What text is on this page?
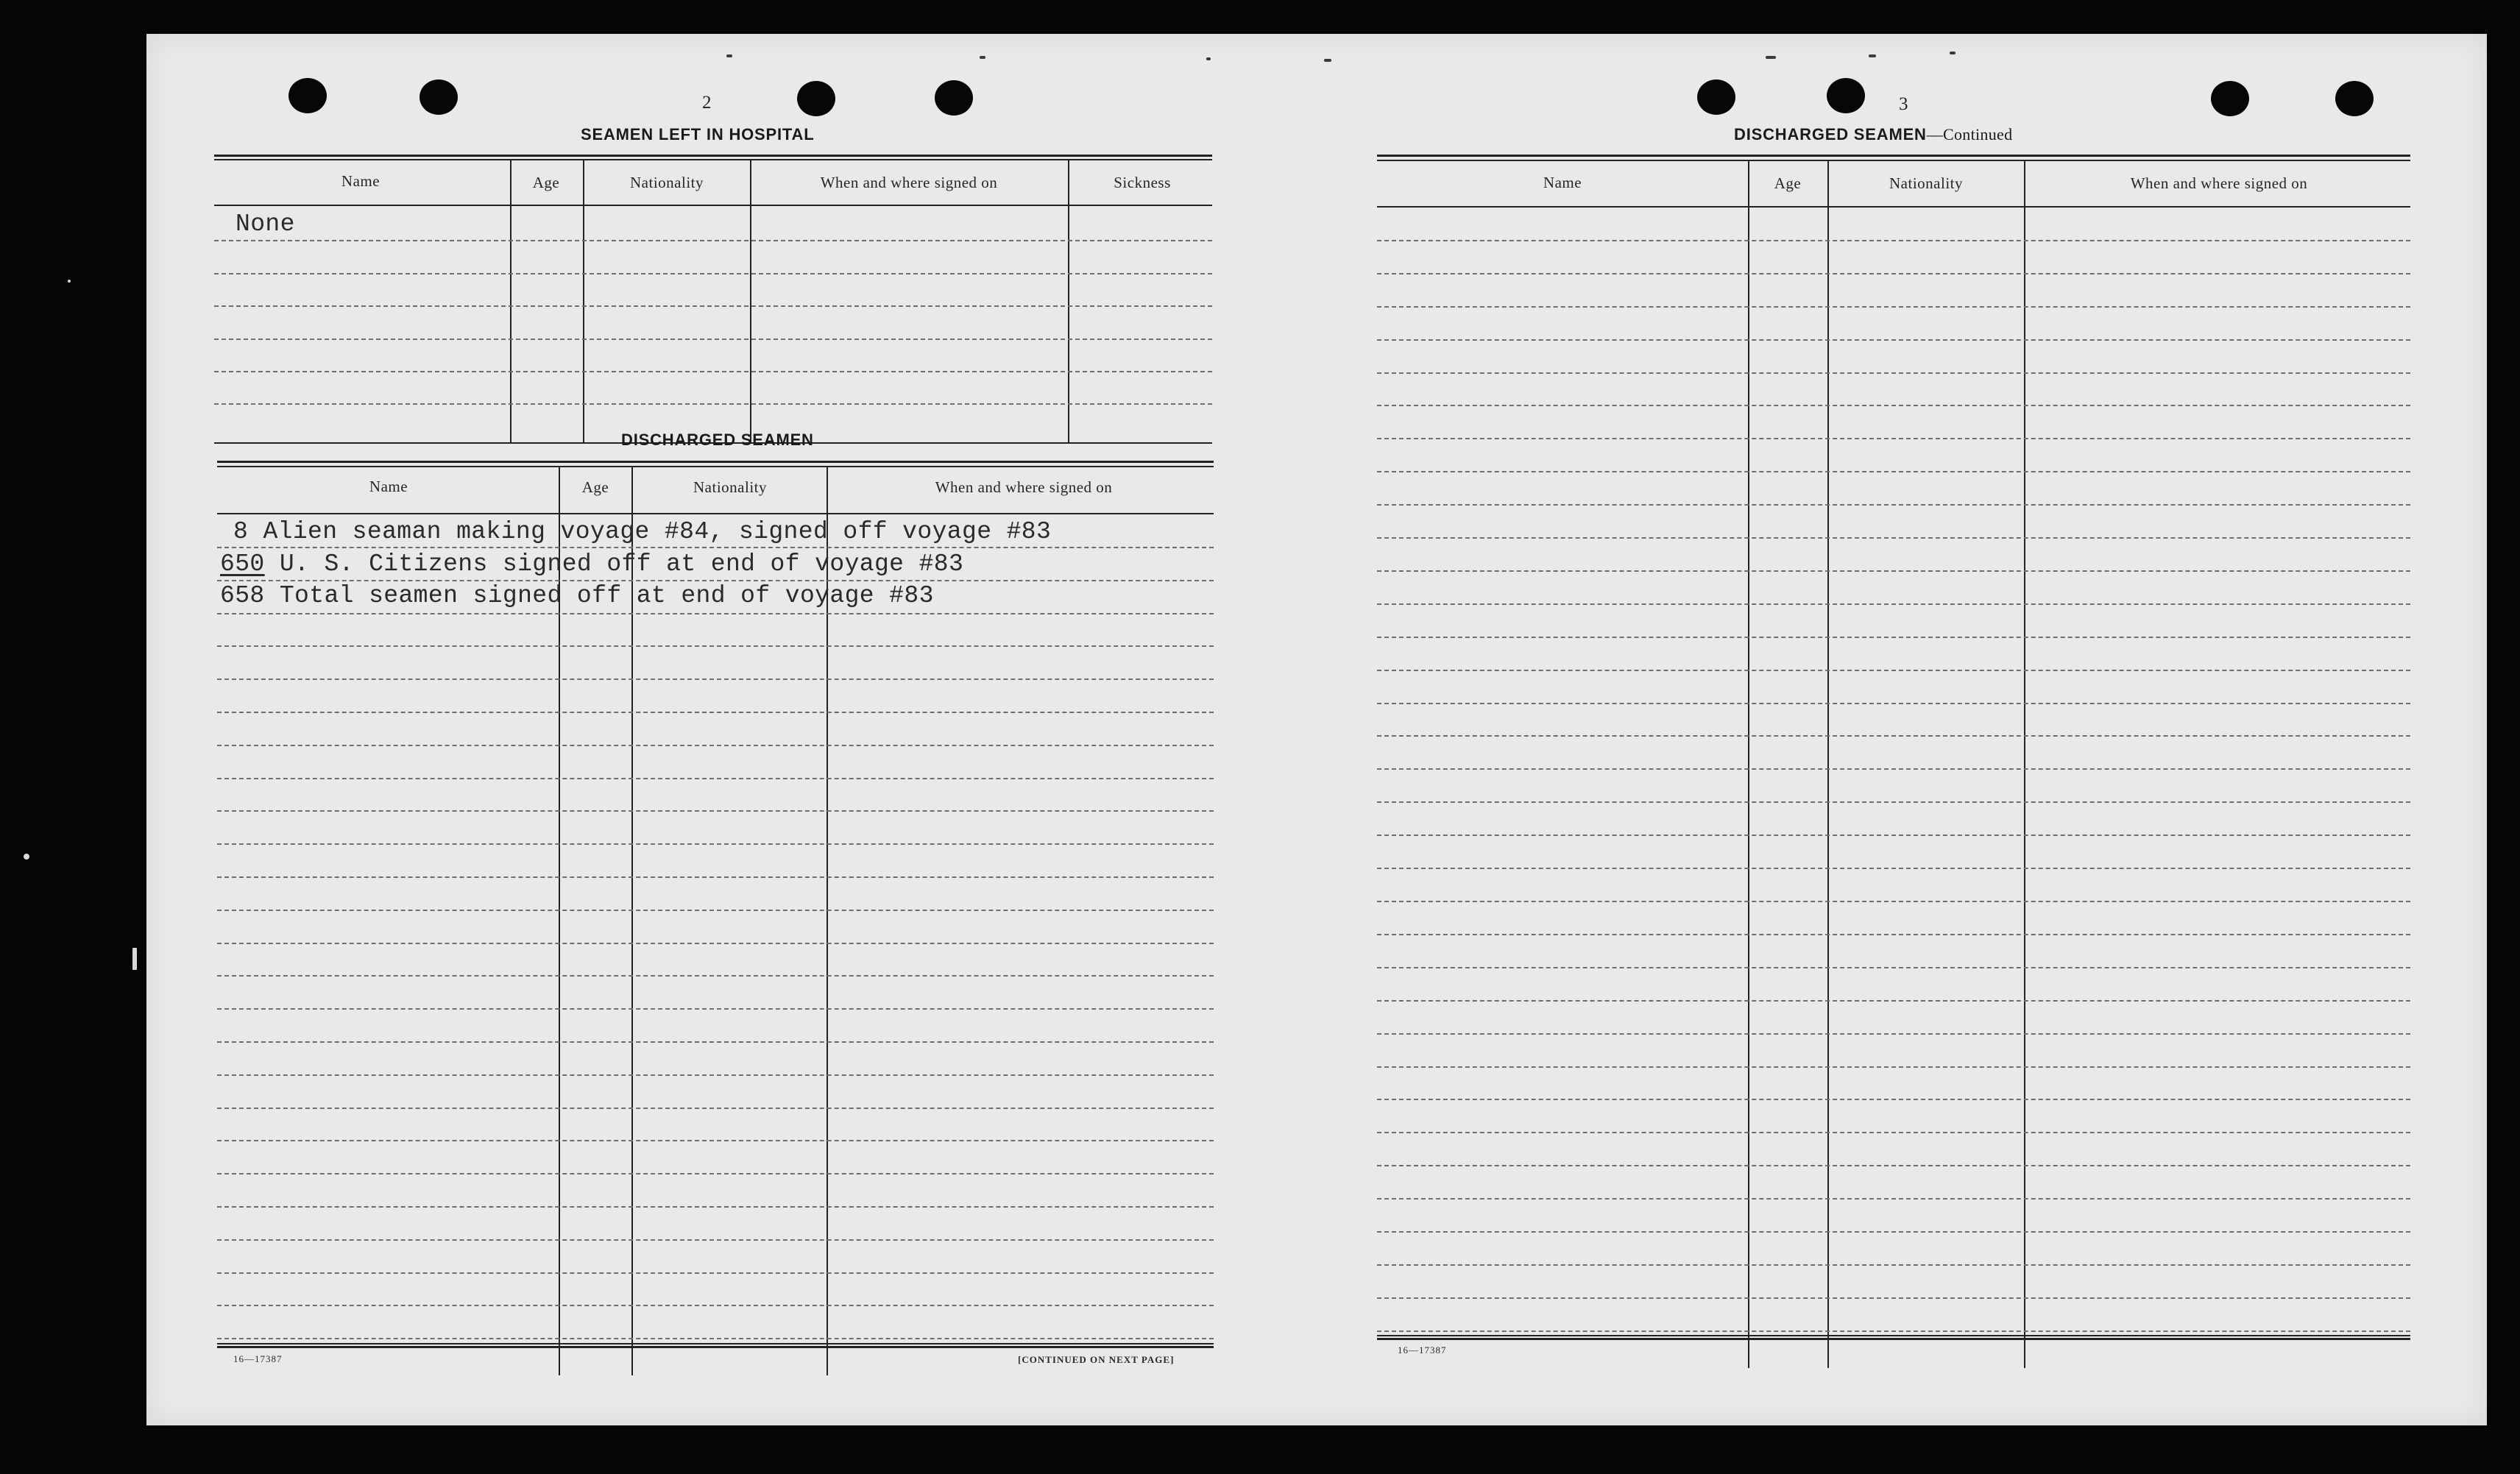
2
SEAMEN LEFT IN HOSPITAL
Name	Age	Nationality	When and where signed on	Sickness
None
DISCHARGED SEAMEN
Name	Age	Nationality	When and where signed on
8 Alien seaman making voyage #84, signed off voyage #83
650 U. S. Citizens signed off at end of voyage #83
658 Total seamen signed off at end of voyage #83
16—17387	[CONTINUED ON NEXT PAGE]
3
DISCHARGED SEAMEN—Continued
Name	Age	Nationality	When and where signed on
16—17387
